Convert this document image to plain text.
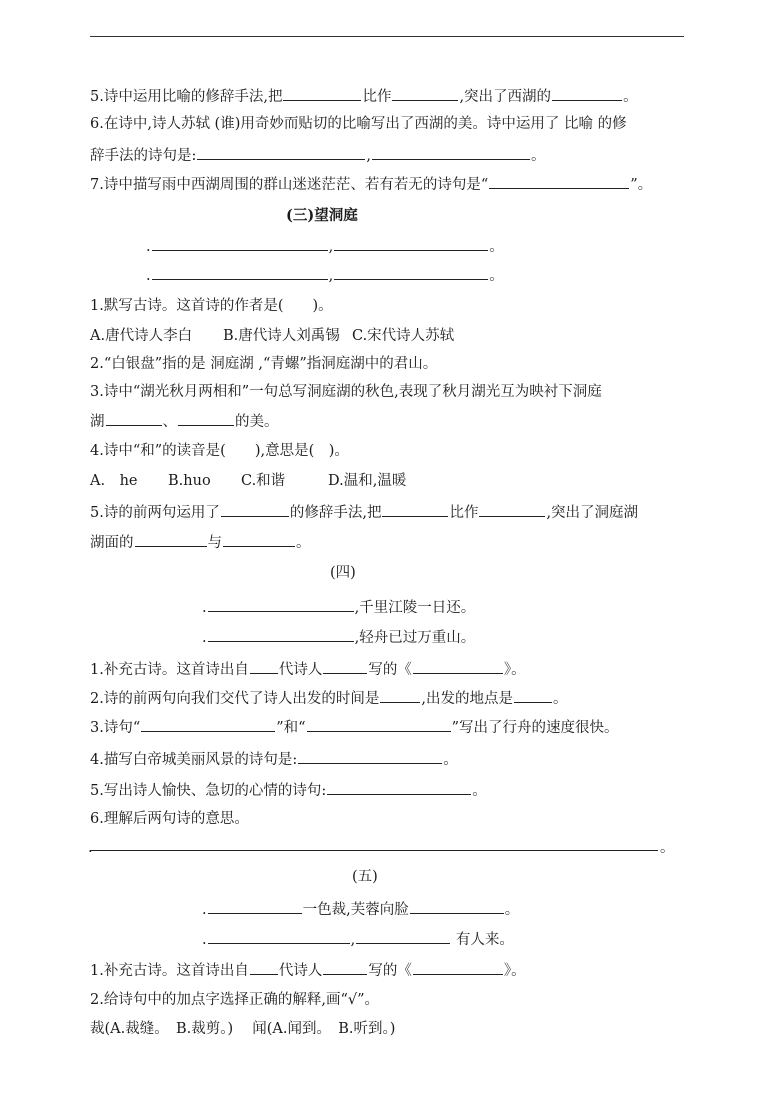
5.诗中运用比喻的修辞手法,把	比作	,突出了西湖的	。
6.在诗中,诗人苏轼 (谁)用奇妙而贴切的比喻写出了西湖的美。诗中运用了 比喻 的修
辞手法的诗句是:	,	。
7.诗中描写雨中西湖周围的群山迷迷茫茫、若有若无的诗句是“	”。
(三)望洞庭
.	,	。
.	,	。
1.默写古诗。这首诗的作者是(　　)。
A.唐代诗人李白 B.唐代诗人刘禹锡 C.宋代诗人苏轼
2.“白银盘”指的是 洞庭湖 ,“青螺”指洞庭湖中的君山。
3.诗中“湖光秋月两相和”一句总写洞庭湖的秋色,表现了秋月湖光互为映衬下洞庭
湖	、	的美。
4.诗中“和”的读音是(　　),意思是(　)。
A.　he B.huo C.和谐	D.温和,温暖
5.诗的前两句运用了	的修辞手法,把	比作	,突出了洞庭湖
湖面的	与	。
(四)
.	,千里江陵一日还。
.	,轻舟已过万重山。
1.补充古诗。这首诗出自 代诗人	写的《	》。
2.诗的前两句向我们交代了诗人出发的时间是	,出发的地点是	。
3.诗句“	”和“	”写出了行舟的速度很快。
4.描写白帝城美丽风景的诗句是:	。
5.写出诗人愉快、急切的心情的诗句:	。
6.理解后两句诗的意思。
.	。
(五)
.	一色裁,芙蓉向脸	。
.	,	有人来。
1.补充古诗。这首诗出自 代诗人	写的《	》。
2.给诗句中的加点字选择正确的解释,画“√”。
裁(A.裁缝。　B.裁剪。)　 闻(A.闻到。　B.听到。)
